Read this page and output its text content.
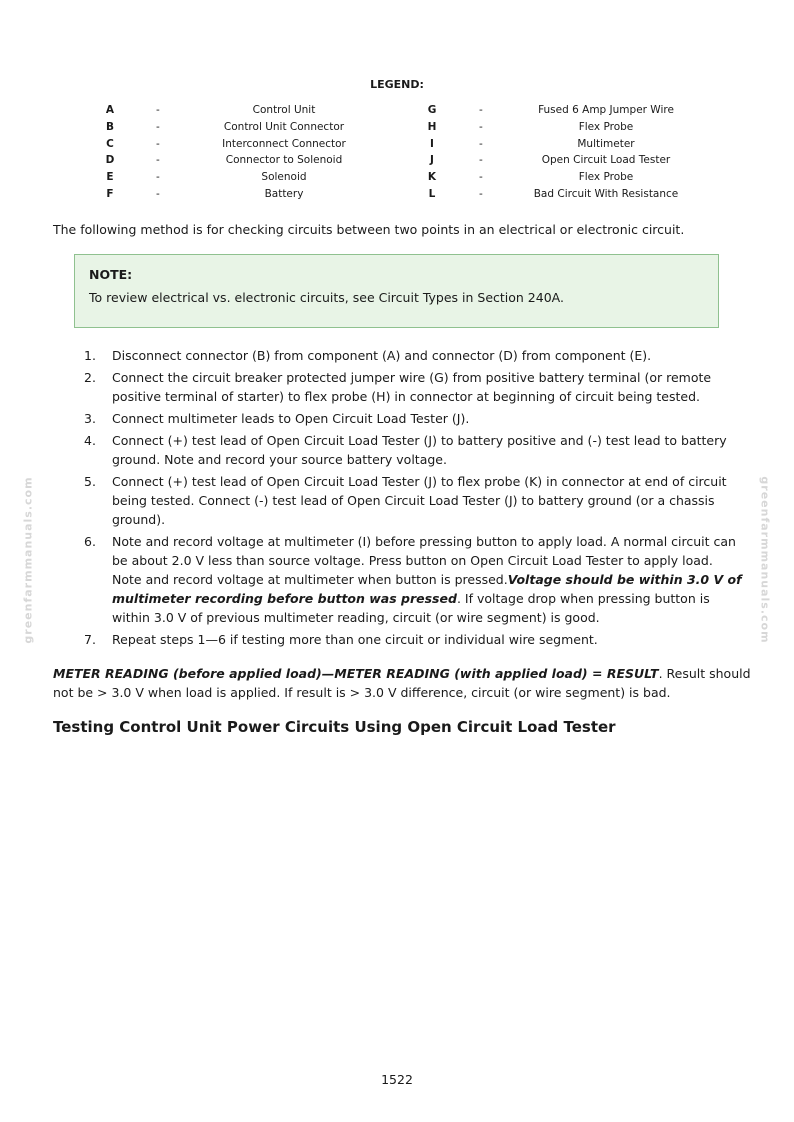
LEGEND:
A	-	Control Unit	G	-	Fused 6 Amp Jumper Wire
B	-	Control Unit Connector	H	-	Flex Probe
C	-	Interconnect Connector	I	-	Multimeter
D	-	Connector to Solenoid	J	-	Open Circuit Load Tester
E	-	Solenoid	K	-	Flex Probe
F	-	Battery	L	-	Bad Circuit With Resistance
The following method is for checking circuits between two points in an electrical or electronic circuit.
NOTE:
To review electrical vs. electronic circuits, see Circuit Types in Section 240A.
1. Disconnect connector (B) from component (A) and connector (D) from component (E).
2. Connect the circuit breaker protected jumper wire (G) from positive battery terminal (or remote positive terminal of starter) to flex probe (H) in connector at beginning of circuit being tested.
3. Connect multimeter leads to Open Circuit Load Tester (J).
4. Connect (+) test lead of Open Circuit Load Tester (J) to battery positive and (-) test lead to battery ground. Note and record your source battery voltage.
5. Connect (+) test lead of Open Circuit Load Tester (J) to flex probe (K) in connector at end of circuit being tested. Connect (-) test lead of Open Circuit Load Tester (J) to battery ground (or a chassis ground).
6. Note and record voltage at multimeter (I) before pressing button to apply load. A normal circuit can be about 2.0 V less than source voltage. Press button on Open Circuit Load Tester to apply load. Note and record voltage at multimeter when button is pressed.Voltage should be within 3.0 V of multimeter recording before button was pressed. If voltage drop when pressing button is within 3.0 V of previous multimeter reading, circuit (or wire segment) is good.
7. Repeat steps 1—6 if testing more than one circuit or individual wire segment.
METER READING (before applied load)—METER READING (with applied load) = RESULT. Result should not be > 3.0 V when load is applied. If result is > 3.0 V difference, circuit (or wire segment) is bad.
Testing Control Unit Power Circuits Using Open Circuit Load Tester
1522
greenfarmmanuals.com	greenfarmmanuals.com
